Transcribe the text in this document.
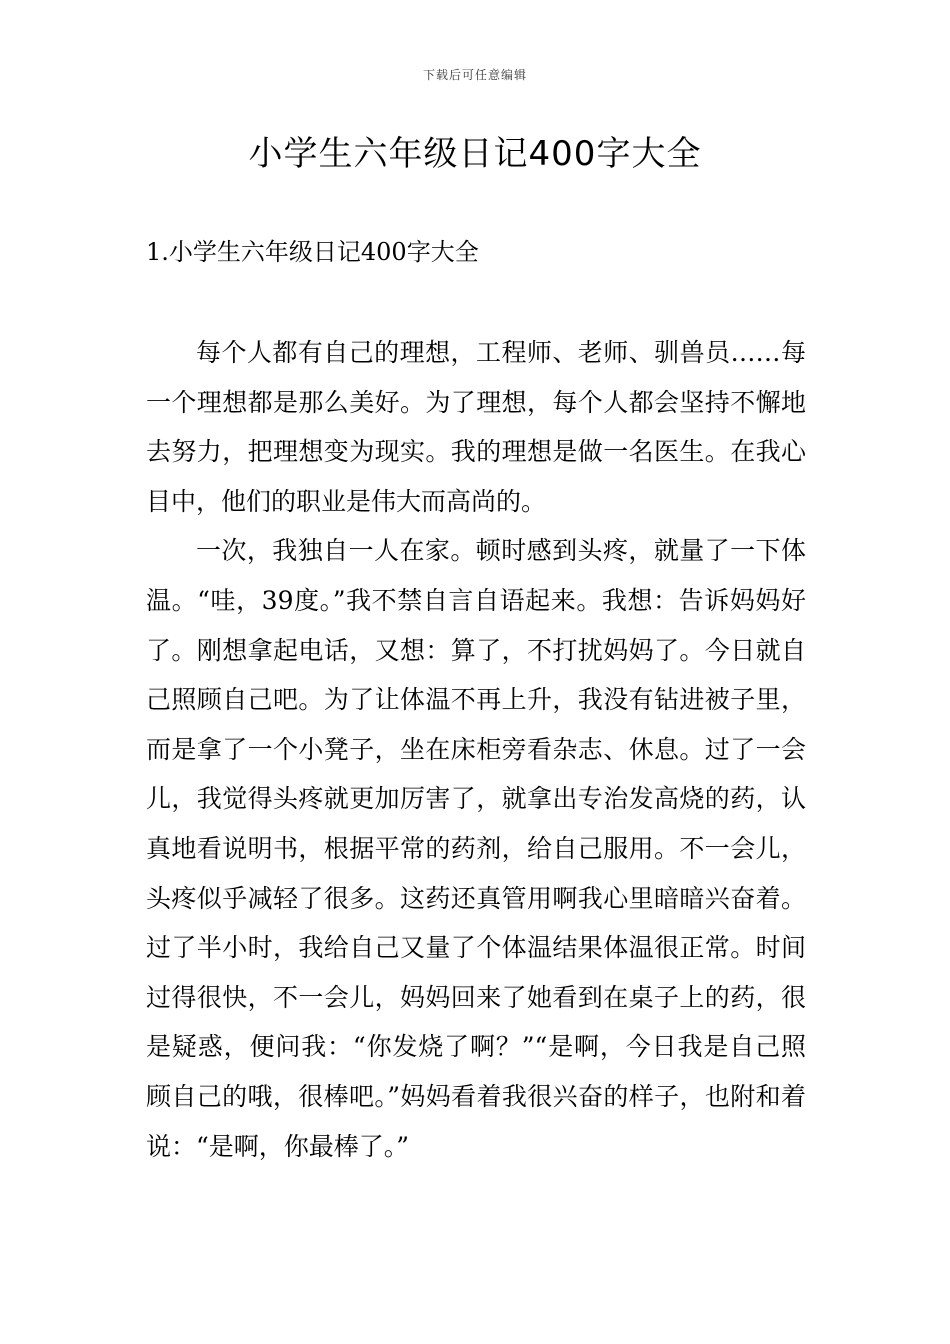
下载后可任意编辑
小学生六年级日记400字大全
1.小学生六年级日记400字大全

每个人都有自己的理想，工程师、老师、驯兽员……每一个理想都是那么美好。为了理想，每个人都会坚持不懈地去努力，把理想变为现实。我的理想是做一名医生。在我心目中，他们的职业是伟大而高尚的。

一次，我独自一人在家。顿时感到头疼，就量了一下体温。“哇，39度。”我不禁自言自语起来。我想：告诉妈妈好了。刚想拿起电话，又想：算了，不打扰妈妈了。今日就自己照顾自己吧。为了让体温不再上升，我没有钻进被子里，而是拿了一个小凳子，坐在床柜旁看杂志、休息。过了一会儿，我觉得头疼就更加厉害了，就拿出专治发高烧的药，认真地看说明书，根据平常的药剂，给自己服用。不一会儿，头疼似乎减轻了很多。这药还真管用啊我心里暗暗兴奋着。过了半小时，我给自己又量了个体温结果体温很正常。时间过得很快，不一会儿，妈妈回来了她看到在桌子上的药，很是疑惑，便问我：“你发烧了啊？”“是啊，今日我是自己照顾自己的哦，很棒吧。”妈妈看着我很兴奋的样子，也附和着说：“是啊，你最棒了。”
